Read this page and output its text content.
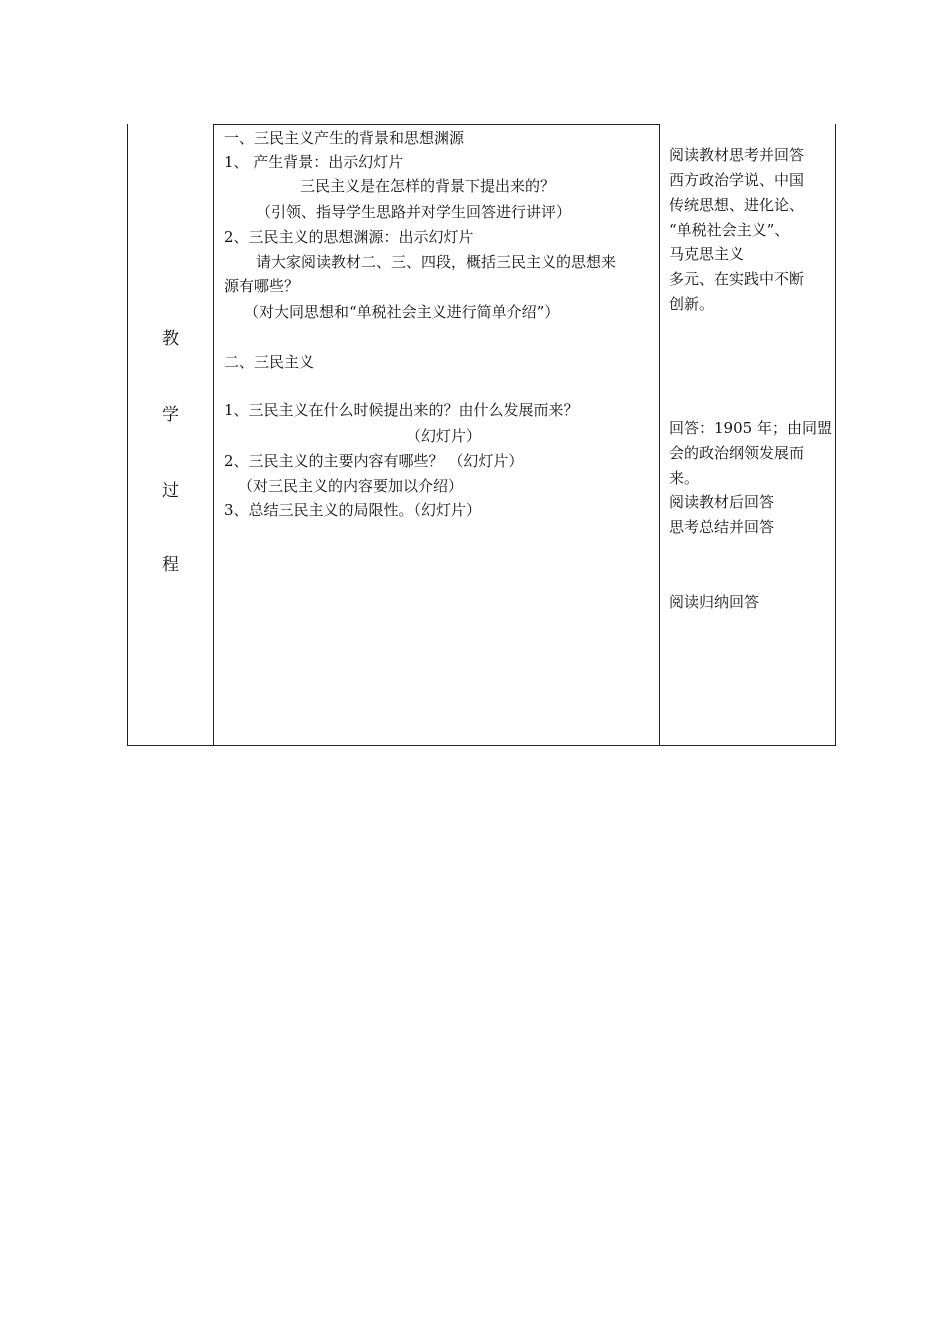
教
学
过
程
一、三民主义产生的背景和思想渊源
1、 产生背景：出示幻灯片
三民主义是在怎样的背景下提出来的？
（引领、指导学生思路并对学生回答进行讲评）
2、三民主义的思想渊源：出示幻灯片
请大家阅读教材二、三、四段，概括三民主义的思想来
源有哪些？
（对大同思想和“单税社会主义进行简单介绍”）
二、三民主义
1、三民主义在什么时候提出来的？由什么发展而来？
（幻灯片）
2、三民主义的主要内容有哪些？ （幻灯片）
（对三民主义的内容要加以介绍）
3、总结三民主义的局限性。（幻灯片）
阅读教材思考并回答
西方政治学说、中国
传统思想、进化论、
“单税社会主义”、
马克思主义
多元、在实践中不断
创新。
回答：1905 年；由同盟
会的政治纲领发展而
来。
阅读教材后回答
思考总结并回答
阅读归纳回答
